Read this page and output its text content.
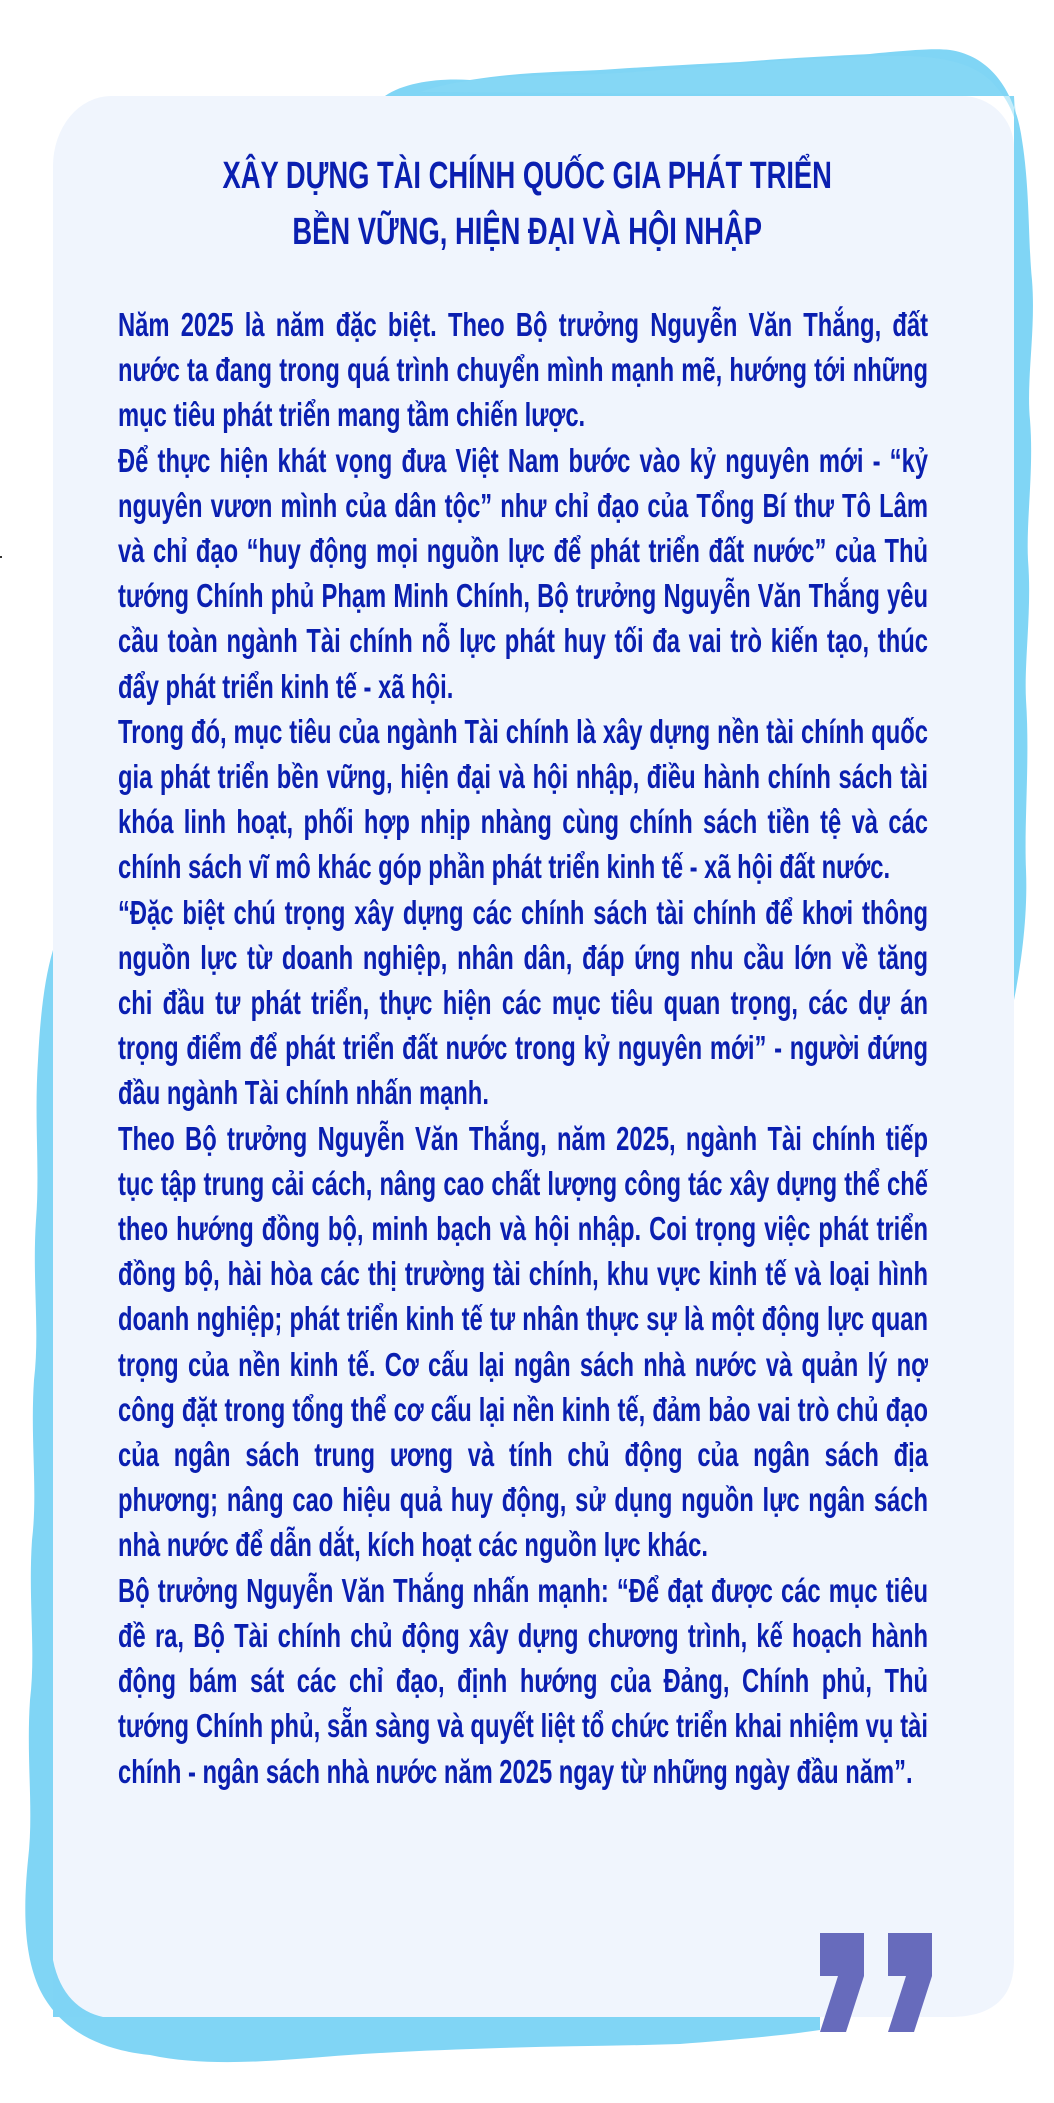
XÂY DỰNG TÀI CHÍNH QUỐC GIA PHÁT TRIỂN
BỀN VỮNG, HIỆN ĐẠI VÀ HỘI NHẬP

Năm 2025 là năm đặc biệt. Theo Bộ trưởng Nguyễn Văn Thắng, đất nước ta đang trong quá trình chuyển mình mạnh mẽ, hướng tới những mục tiêu phát triển mang tầm chiến lược.

Để thực hiện khát vọng đưa Việt Nam bước vào kỷ nguyên mới - “kỷ nguyên vươn mình của dân tộc” như chỉ đạo của Tổng Bí thư Tô Lâm và chỉ đạo “huy động mọi nguồn lực để phát triển đất nước” của Thủ tướng Chính phủ Phạm Minh Chính, Bộ trưởng Nguyễn Văn Thắng yêu cầu toàn ngành Tài chính nỗ lực phát huy tối đa vai trò kiến tạo, thúc đẩy phát triển kinh tế - xã hội.

Trong đó, mục tiêu của ngành Tài chính là xây dựng nền tài chính quốc gia phát triển bền vững, hiện đại và hội nhập, điều hành chính sách tài khóa linh hoạt, phối hợp nhịp nhàng cùng chính sách tiền tệ và các chính sách vĩ mô khác góp phần phát triển kinh tế - xã hội đất nước.

“Đặc biệt chú trọng xây dựng các chính sách tài chính để khơi thông nguồn lực từ doanh nghiệp, nhân dân, đáp ứng nhu cầu lớn về tăng chi đầu tư phát triển, thực hiện các mục tiêu quan trọng, các dự án trọng điểm để phát triển đất nước trong kỷ nguyên mới” - người đứng đầu ngành Tài chính nhấn mạnh.

Theo Bộ trưởng Nguyễn Văn Thắng, năm 2025, ngành Tài chính tiếp tục tập trung cải cách, nâng cao chất lượng công tác xây dựng thể chế theo hướng đồng bộ, minh bạch và hội nhập. Coi trọng việc phát triển đồng bộ, hài hòa các thị trường tài chính, khu vực kinh tế và loại hình doanh nghiệp; phát triển kinh tế tư nhân thực sự là một động lực quan trọng của nền kinh tế. Cơ cấu lại ngân sách nhà nước và quản lý nợ công đặt trong tổng thể cơ cấu lại nền kinh tế, đảm bảo vai trò chủ đạo của ngân sách trung ương và tính chủ động của ngân sách địa phương; nâng cao hiệu quả huy động, sử dụng nguồn lực ngân sách nhà nước để dẫn dắt, kích hoạt các nguồn lực khác.

Bộ trưởng Nguyễn Văn Thắng nhấn mạnh: “Để đạt được các mục tiêu đề ra, Bộ Tài chính chủ động xây dựng chương trình, kế hoạch hành động bám sát các chỉ đạo, định hướng của Đảng, Chính phủ, Thủ tướng Chính phủ, sẵn sàng và quyết liệt tổ chức triển khai nhiệm vụ tài chính - ngân sách nhà nước năm 2025 ngay từ những ngày đầu năm”.
